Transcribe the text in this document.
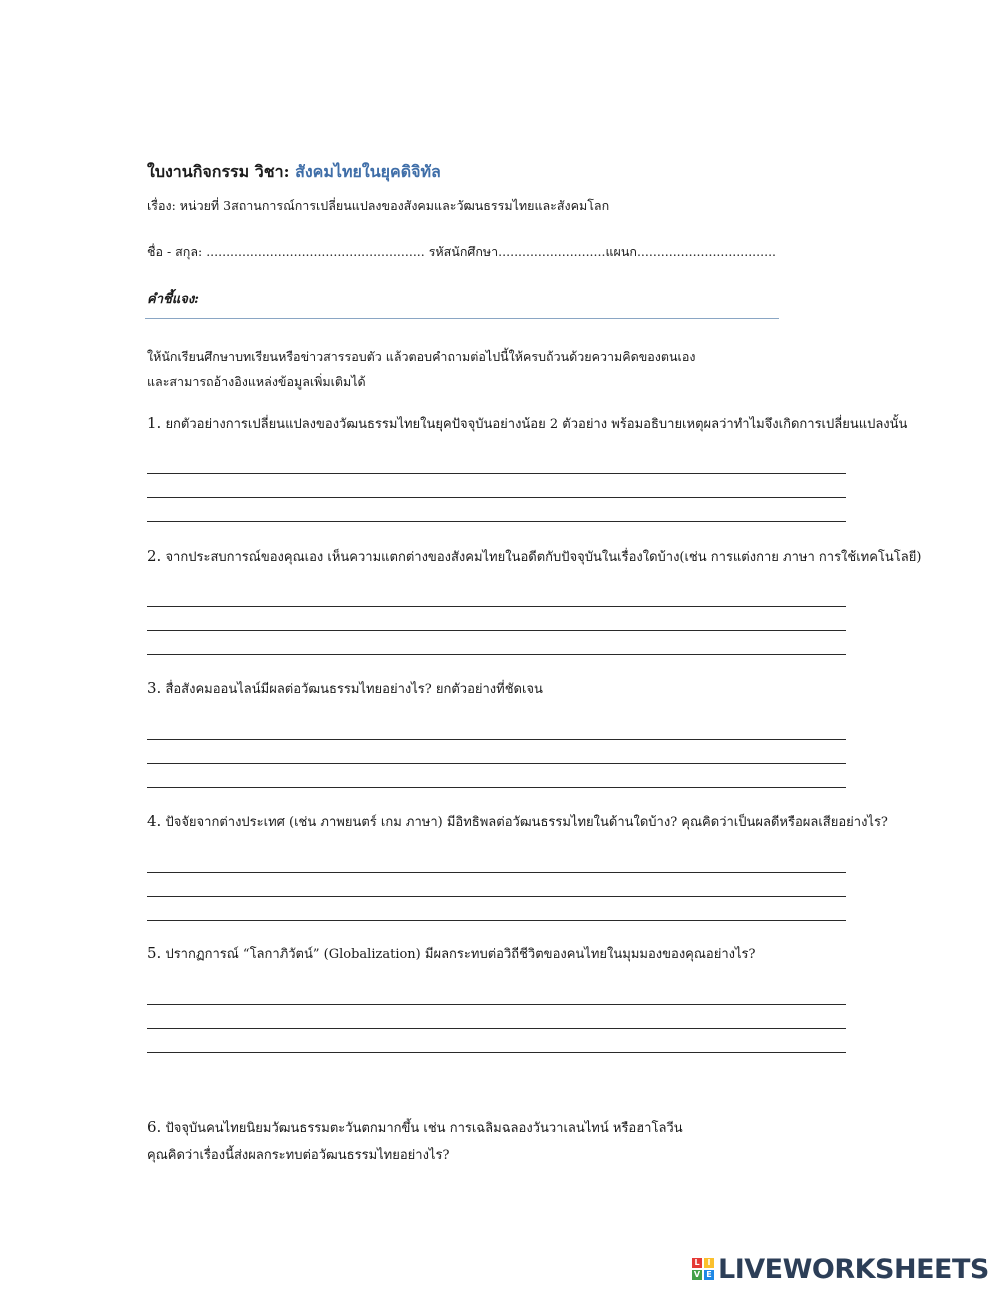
ใบงานกิจกรรม วิชา: สังคมไทยในยุคดิจิทัล
เรื่อง: หน่วยที่ 3สถานการณ์การเปลี่ยนแปลงของสังคมและวัฒนธรรมไทยและสังคมโลก
ชื่อ - สกุล: ....................................................... รหัสนักศึกษา...........................แผนก...................................
คำชี้แจง:
ให้นักเรียนศึกษาบทเรียนหรือข่าวสารรอบตัว แล้วตอบคำถามต่อไปนี้ให้ครบถ้วนด้วยความคิดของตนเอง
และสามารถอ้างอิงแหล่งข้อมูลเพิ่มเติมได้
1. ยกตัวอย่างการเปลี่ยนแปลงของวัฒนธรรมไทยในยุคปัจจุบันอย่างน้อย 2 ตัวอย่าง พร้อมอธิบายเหตุผลว่าทำไมจึงเกิดการเปลี่ยนแปลงนั้น
2. จากประสบการณ์ของคุณเอง เห็นความแตกต่างของสังคมไทยในอดีตกับปัจจุบันในเรื่องใดบ้าง(เช่น การแต่งกาย ภาษา การใช้เทคโนโลยี)
3. สื่อสังคมออนไลน์มีผลต่อวัฒนธรรมไทยอย่างไร? ยกตัวอย่างที่ชัดเจน
4. ปัจจัยจากต่างประเทศ (เช่น ภาพยนตร์ เกม ภาษา) มีอิทธิพลต่อวัฒนธรรมไทยในด้านใดบ้าง? คุณคิดว่าเป็นผลดีหรือผลเสียอย่างไร?
5. ปรากฏการณ์ “โลกาภิวัตน์” (Globalization) มีผลกระทบต่อวิถีชีวิตของคนไทยในมุมมองของคุณอย่างไร?
6. ปัจจุบันคนไทยนิยมวัฒนธรรมตะวันตกมากขึ้น เช่น การเฉลิมฉลองวันวาเลนไทน์ หรือฮาโลวีน
คุณคิดว่าเรื่องนี้ส่งผลกระทบต่อวัฒนธรรมไทยอย่างไร?
L I
V E LIVEWORKSHEETS
